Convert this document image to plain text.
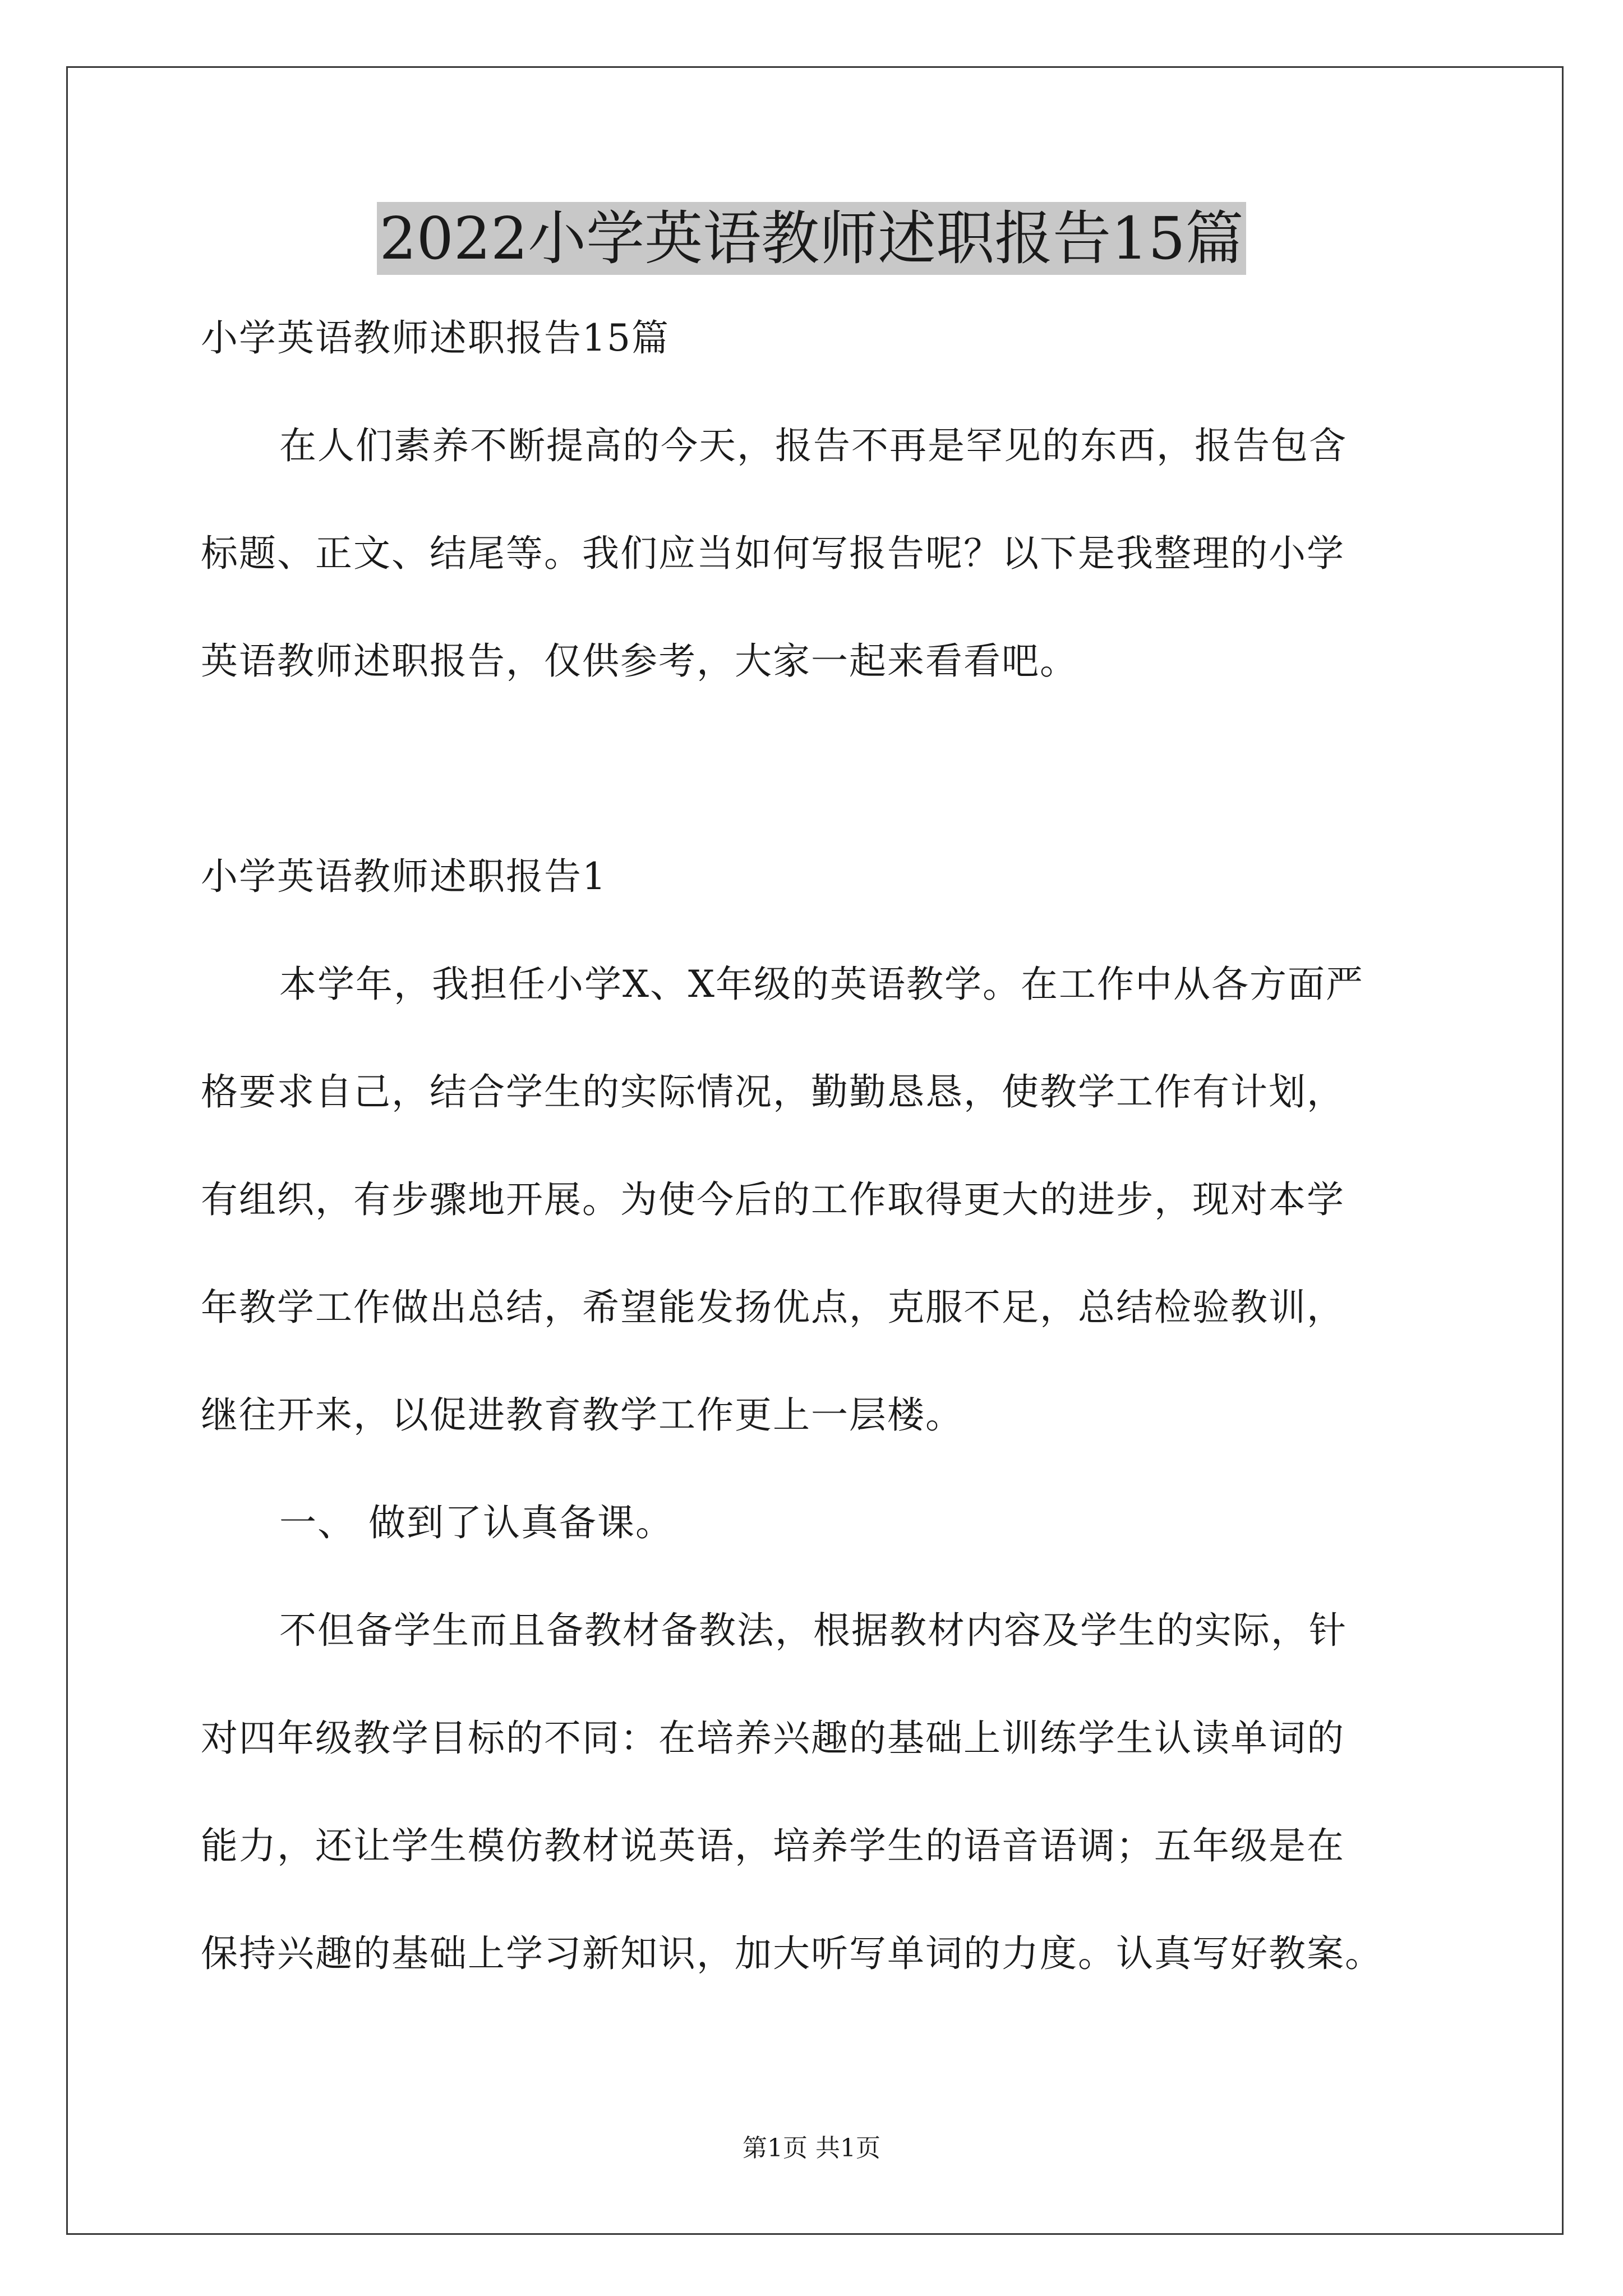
2022小学英语教师述职报告15篇
小学英语教师述职报告15篇
在人们素养不断提高的今天，报告不再是罕见的东西，报告包含
标题、正文、结尾等。我们应当如何写报告呢？以下是我整理的小学
英语教师述职报告，仅供参考，大家一起来看看吧。
小学英语教师述职报告1
本学年，我担任小学X、X年级的英语教学。在工作中从各方面严
格要求自己，结合学生的实际情况，勤勤恳恳，使教学工作有计划，
有组织，有步骤地开展。为使今后的工作取得更大的进步，现对本学
年教学工作做出总结，希望能发扬优点，克服不足，总结检验教训，
继往开来，以促进教育教学工作更上一层楼。
一、 做到了认真备课。
不但备学生而且备教材备教法，根据教材内容及学生的实际，针
对四年级教学目标的不同：在培养兴趣的基础上训练学生认读单词的
能力，还让学生模仿教材说英语，培养学生的语音语调；五年级是在
保持兴趣的基础上学习新知识，加大听写单词的力度。认真写好教案。
第1页 共1页
